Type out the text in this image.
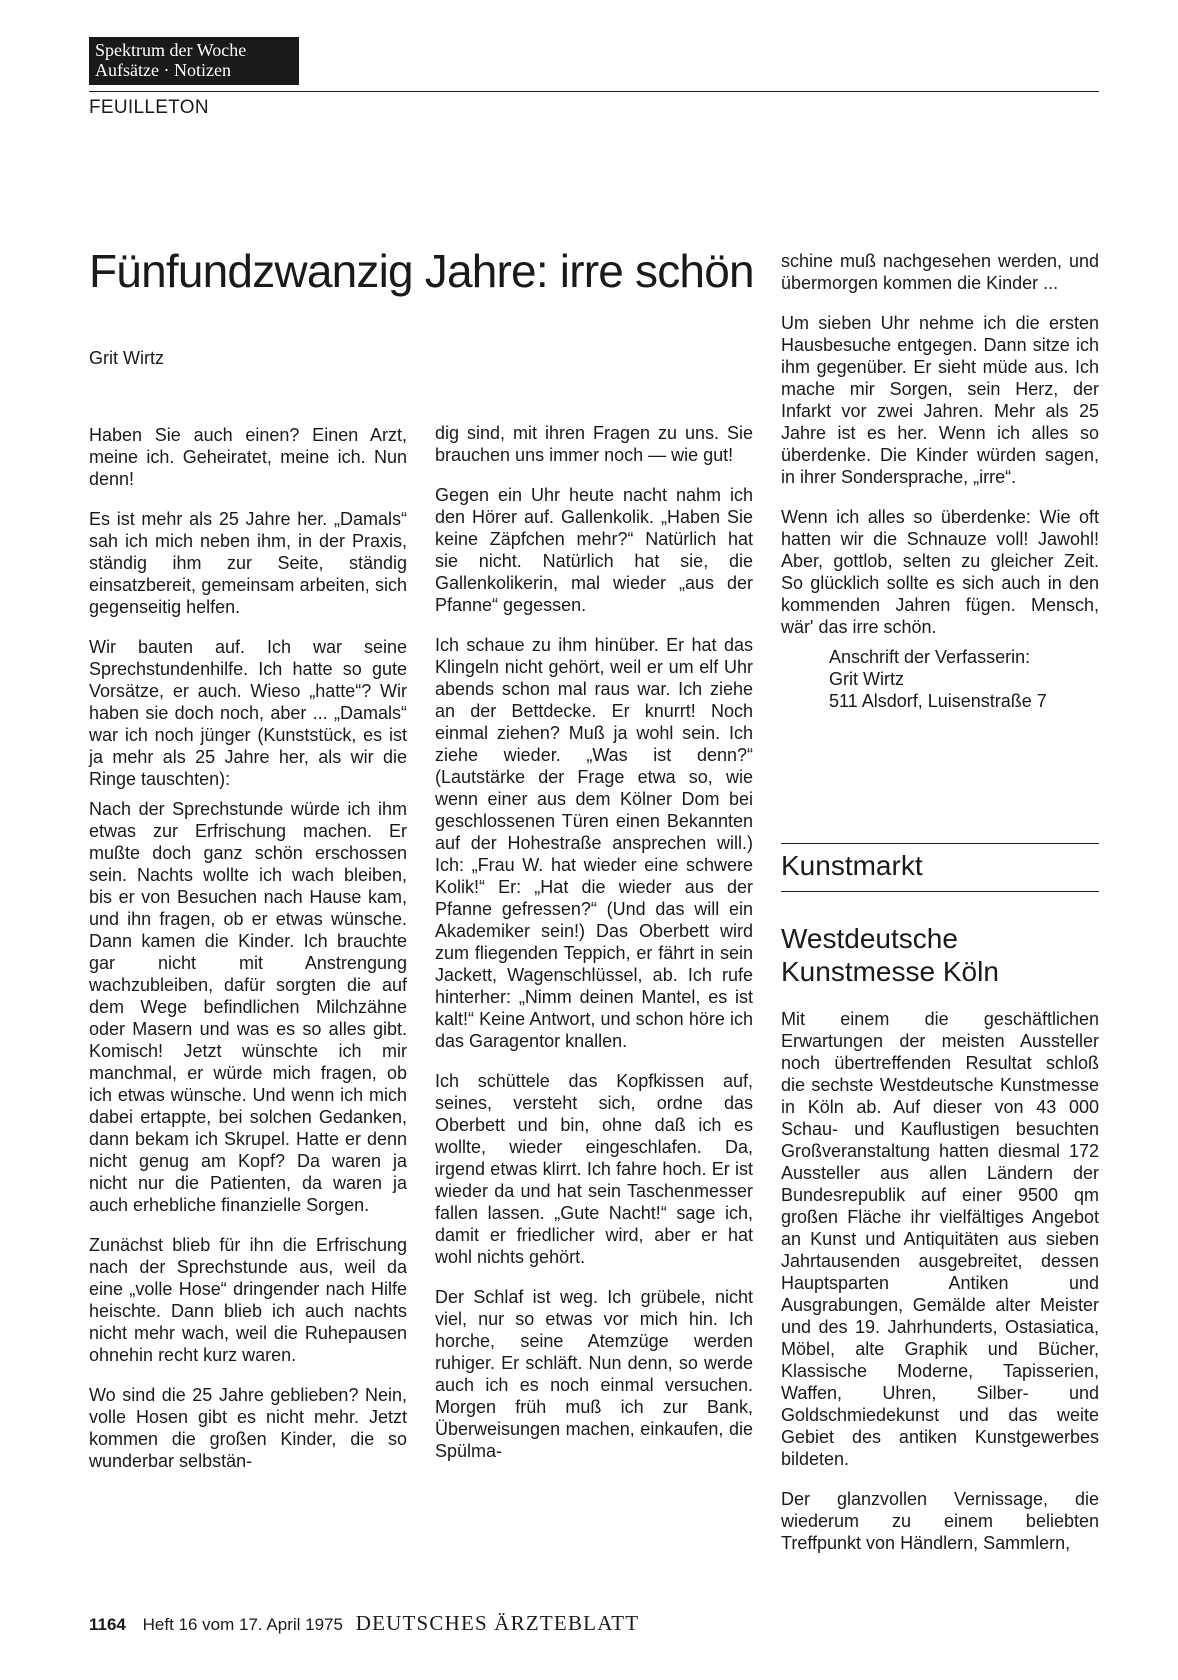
Spektrum der Woche
Aufsätze · Notizen
FEUILLETON
Fünfundzwanzig Jahre: irre schön
Grit Wirtz

Haben Sie auch einen? Einen Arzt, meine ich. Geheiratet, meine ich. Nun denn!

Es ist mehr als 25 Jahre her. „Damals“ sah ich mich neben ihm, in der Praxis, ständig ihm zur Seite, ständig einsatzbereit, gemeinsam arbeiten, sich gegenseitig helfen.

Wir bauten auf. Ich war seine Sprechstundenhilfe. Ich hatte so gute Vorsätze, er auch. Wieso „hatte“? Wir haben sie doch noch, aber ... „Damals“ war ich noch jünger (Kunststück, es ist ja mehr als 25 Jahre her, als wir die Ringe tauschten):

Nach der Sprechstunde würde ich ihm etwas zur Erfrischung machen. Er mußte doch ganz schön erschossen sein. Nachts wollte ich wach bleiben, bis er von Besuchen nach Hause kam, und ihn fragen, ob er etwas wünsche. Dann kamen die Kinder. Ich brauchte gar nicht mit Anstrengung wachzubleiben, dafür sorgten die auf dem Wege befindlichen Milchzähne oder Masern und was es so alles gibt. Komisch! Jetzt wünschte ich mir manchmal, er würde mich fragen, ob ich etwas wünsche. Und wenn ich mich dabei ertappte, bei solchen Gedanken, dann bekam ich Skrupel. Hatte er denn nicht genug am Kopf? Da waren ja nicht nur die Patienten, da waren ja auch erhebliche finanzielle Sorgen.

Zunächst blieb für ihn die Erfrischung nach der Sprechstunde aus, weil da eine „volle Hose“ dringender nach Hilfe heischte. Dann blieb ich auch nachts nicht mehr wach, weil die Ruhepausen ohnehin recht kurz waren.

Wo sind die 25 Jahre geblieben? Nein, volle Hosen gibt es nicht mehr. Jetzt kommen die großen Kinder, die so wunderbar selbstän-

dig sind, mit ihren Fragen zu uns. Sie brauchen uns immer noch — wie gut!

Gegen ein Uhr heute nacht nahm ich den Hörer auf. Gallenkolik. „Haben Sie keine Zäpfchen mehr?“ Natürlich hat sie nicht. Natürlich hat sie, die Gallenkolikerin, mal wieder „aus der Pfanne“ gegessen.

Ich schaue zu ihm hinüber. Er hat das Klingeln nicht gehört, weil er um elf Uhr abends schon mal raus war. Ich ziehe an der Bettdecke. Er knurrt! Noch einmal ziehen? Muß ja wohl sein. Ich ziehe wieder. „Was ist denn?“ (Lautstärke der Frage etwa so, wie wenn einer aus dem Kölner Dom bei geschlossenen Türen einen Bekannten auf der Hohestraße ansprechen will.) Ich: „Frau W. hat wieder eine schwere Kolik!“ Er: „Hat die wieder aus der Pfanne gefressen?“ (Und das will ein Akademiker sein!) Das Oberbett wird zum fliegenden Teppich, er fährt in sein Jackett, Wagenschlüssel, ab. Ich rufe hinterher: „Nimm deinen Mantel, es ist kalt!“ Keine Antwort, und schon höre ich das Garagentor knallen.

Ich schüttele das Kopfkissen auf, seines, versteht sich, ordne das Oberbett und bin, ohne daß ich es wollte, wieder eingeschlafen. Da, irgend etwas klirrt. Ich fahre hoch. Er ist wieder da und hat sein Taschenmesser fallen lassen. „Gute Nacht!“ sage ich, damit er friedlicher wird, aber er hat wohl nichts gehört.

Der Schlaf ist weg. Ich grübele, nicht viel, nur so etwas vor mich hin. Ich horche, seine Atemzüge werden ruhiger. Er schläft. Nun denn, so werde auch ich es noch einmal versuchen. Morgen früh muß ich zur Bank, Überweisungen machen, einkaufen, die Spülma-

schine muß nachgesehen werden, und übermorgen kommen die Kinder ...

Um sieben Uhr nehme ich die ersten Hausbesuche entgegen. Dann sitze ich ihm gegenüber. Er sieht müde aus. Ich mache mir Sorgen, sein Herz, der Infarkt vor zwei Jahren. Mehr als 25 Jahre ist es her. Wenn ich alles so überdenke. Die Kinder würden sagen, in ihrer Sondersprache, „irre“.

Wenn ich alles so überdenke: Wie oft hatten wir die Schnauze voll! Jawohl! Aber, gottlob, selten zu gleicher Zeit. So glücklich sollte es sich auch in den kommenden Jahren fügen. Mensch, wär' das irre schön.

Anschrift der Verfasserin:
Grit Wirtz
511 Alsdorf, Luisenstraße 7
Kunstmarkt
Westdeutsche
Kunstmesse Köln

Mit einem die geschäftlichen Erwartungen der meisten Aussteller noch übertreffenden Resultat schloß die sechste Westdeutsche Kunstmesse in Köln ab. Auf dieser von 43 000 Schau- und Kauflustigen besuchten Großveranstaltung hatten diesmal 172 Aussteller aus allen Ländern der Bundesrepublik auf einer 9500 qm großen Fläche ihr vielfältiges Angebot an Kunst und Antiquitäten aus sieben Jahrtausenden ausgebreitet, dessen Hauptsparten Antiken und Ausgrabungen, Gemälde alter Meister und des 19. Jahrhunderts, Ostasiatica, Möbel, alte Graphik und Bücher, Klassische Moderne, Tapisserien, Waffen, Uhren, Silber- und Goldschmiedekunst und das weite Gebiet des antiken Kunstgewerbes bildeten.

Der glanzvollen Vernissage, die wiederum zu einem beliebten Treffpunkt von Händlern, Sammlern,

1164 Heft 16 vom 17. April 1975 DEUTSCHES ÄRZTEBLATT
